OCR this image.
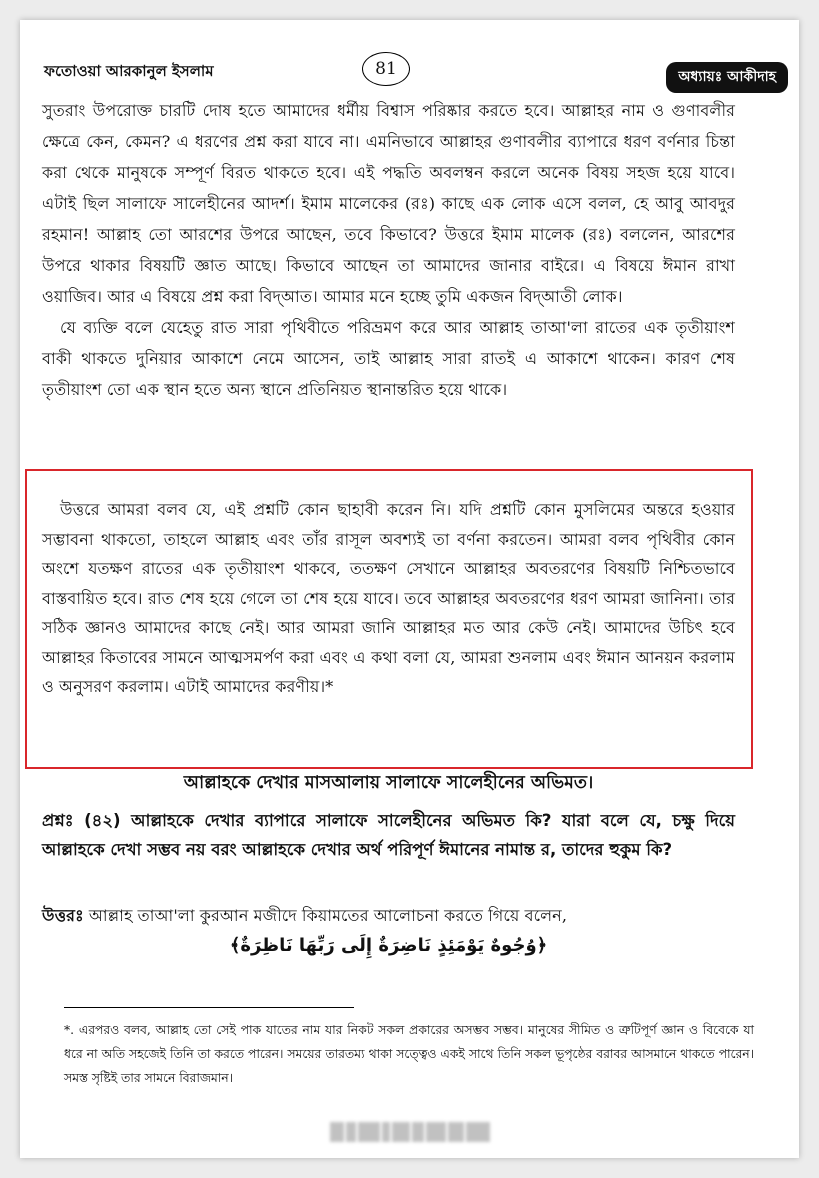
ফতোওয়া আরকানুল ইসলাম	81	অধ্যায়ঃ আকীদাহ

সুতরাং উপরোক্ত চারটি দোষ হতে আমাদের ধর্মীয় বিশ্বাস পরিষ্কার করতে হবে। আল্লাহর নাম ও গুণাবলীর ক্ষেত্রে কেন, কেমন? এ ধরণের প্রশ্ন করা যাবে না। এমনিভাবে আল্লাহর গুণাবলীর ব্যাপারে ধরণ বর্ণনার চিন্তা করা থেকে মানুষকে সম্পূর্ণ বিরত থাকতে হবে। এই পদ্ধতি অবলম্বন করলে অনেক বিষয় সহজ হয়ে যাবে। এটাই ছিল সালাফে সালেহীনের আদর্শ। ইমাম মালেকের (রঃ) কাছে এক লোক এসে বলল, হে আবু আবদুর রহমান! আল্লাহ তো আরশের উপরে আছেন, তবে কিভাবে? উত্তরে ইমাম মালেক (রঃ) বললেন, আরশের উপরে থাকার বিষয়টি জ্ঞাত আছে। কিভাবে আছেন তা আমাদের জানার বাইরে। এ বিষয়ে ঈমান রাখা ওয়াজিব। আর এ বিষয়ে প্রশ্ন করা বিদ্‌আত। আমার মনে হচ্ছে তুমি একজন বিদ্‌আতী লোক।

যে ব্যক্তি বলে যেহেতু রাত সারা পৃথিবীতে পরিভ্রমণ করে আর আল্লাহ তাআ'লা রাতের এক তৃতীয়াংশ বাকী থাকতে দুনিয়ার আকাশে নেমে আসেন, তাই আল্লাহ সারা রাতই এ আকাশে থাকেন। কারণ শেষ তৃতীয়াংশ তো এক স্থান হতে অন্য স্থানে প্রতিনিয়ত স্থানান্তরিত হয়ে থাকে।

উত্তরে আমরা বলব যে, এই প্রশ্নটি কোন ছাহাবী করেন নি। যদি প্রশ্নটি কোন মুসলিমের অন্তরে হওয়ার সম্ভাবনা থাকতো, তাহলে আল্লাহ এবং তাঁর রাসূল অবশ্যই তা বর্ণনা করতেন। আমরা বলব পৃথিবীর কোন অংশে যতক্ষণ রাতের এক তৃতীয়াংশ থাকবে, ততক্ষণ সেখানে আল্লাহর অবতরণের বিষয়টি নিশ্চিতভাবে বাস্তবায়িত হবে। রাত শেষ হয়ে গেলে তা শেষ হয়ে যাবে। তবে আল্লাহর অবতরণের ধরণ আমরা জানিনা। তার সঠিক জ্ঞানও আমাদের কাছে নেই। আর আমরা জানি আল্লাহর মত আর কেউ নেই। আমাদের উচিৎ হবে আল্লাহর কিতাবের সামনে আত্মসমর্পণ করা এবং এ কথা বলা যে, আমরা শুনলাম এবং ঈমান আনয়ন করলাম ও অনুসরণ করলাম। এটাই আমাদের করণীয়।*

আল্লাহকে দেখার মাসআলায় সালাফে সালেহীনের অভিমত।
প্রশ্নঃ (৪২) আল্লাহকে দেখার ব্যাপারে সালাফে সালেহীনের অভিমত কি? যারা বলে যে, চক্ষু দিয়ে আল্লাহকে দেখা সম্ভব নয় বরং আল্লাহকে দেখার অর্থ পরিপূর্ণ ঈমানের নামান্ত র, তাদের হুকুম কি?
উত্তরঃ আল্লাহ তাআ'লা কুরআন মজীদে কিয়ামতের আলোচনা করতে গিয়ে বলেন,
﴿وُجُوهٌ يَوْمَئِذٍ نَاضِرَةٌ إِلَى رَبِّهَا نَاظِرَةٌ﴾
*. এরপরও বলব, আল্লাহ তো সেই পাক যাতের নাম যার নিকট সকল প্রকারের অসম্ভব সম্ভব। মানুষের সীমিত ও ত্রুটিপূর্ণ জ্ঞান ও বিবেকে যা ধরে না অতি সহজেই তিনি তা করতে পারেন। সময়ের তারতম্য থাকা সত্ত্বেও একই সাথে তিনি সকল ভূপৃষ্ঠের বরাবর আসমানে থাকতে পারেন। সমস্ত সৃষ্টিই তার সামনে বিরাজমান।
